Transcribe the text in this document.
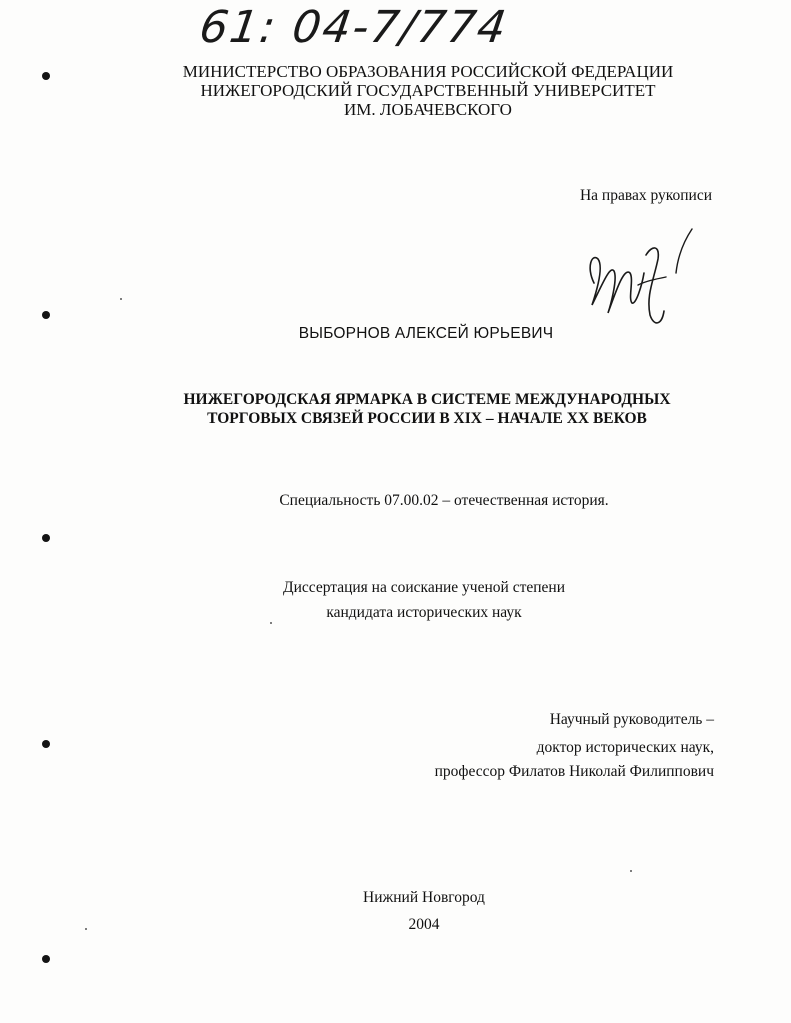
61: 04-7/774
МИНИСТЕРСТВО ОБРАЗОВАНИЯ РОССИЙСКОЙ ФЕДЕРАЦИИ
НИЖЕГОРОДСКИЙ ГОСУДАРСТВЕННЫЙ УНИВЕРСИТЕТ
ИМ. ЛОБАЧЕВСКОГО
На правах рукописи
ВЫБОРНОВ АЛЕКСЕЙ ЮРЬЕВИЧ
НИЖЕГОРОДСКАЯ ЯРМАРКА В СИСТЕМЕ МЕЖДУНАРОДНЫХ
ТОРГОВЫХ СВЯЗЕЙ РОССИИ В XIX – НАЧАЛЕ XX ВЕКОВ
Специальность 07.00.02 – отечественная история.
Диссертация на соискание ученой степени
кандидата исторических наук
Научный руководитель –
доктор исторических наук,
профессор Филатов Николай Филиппович
Нижний Новгород
2004
